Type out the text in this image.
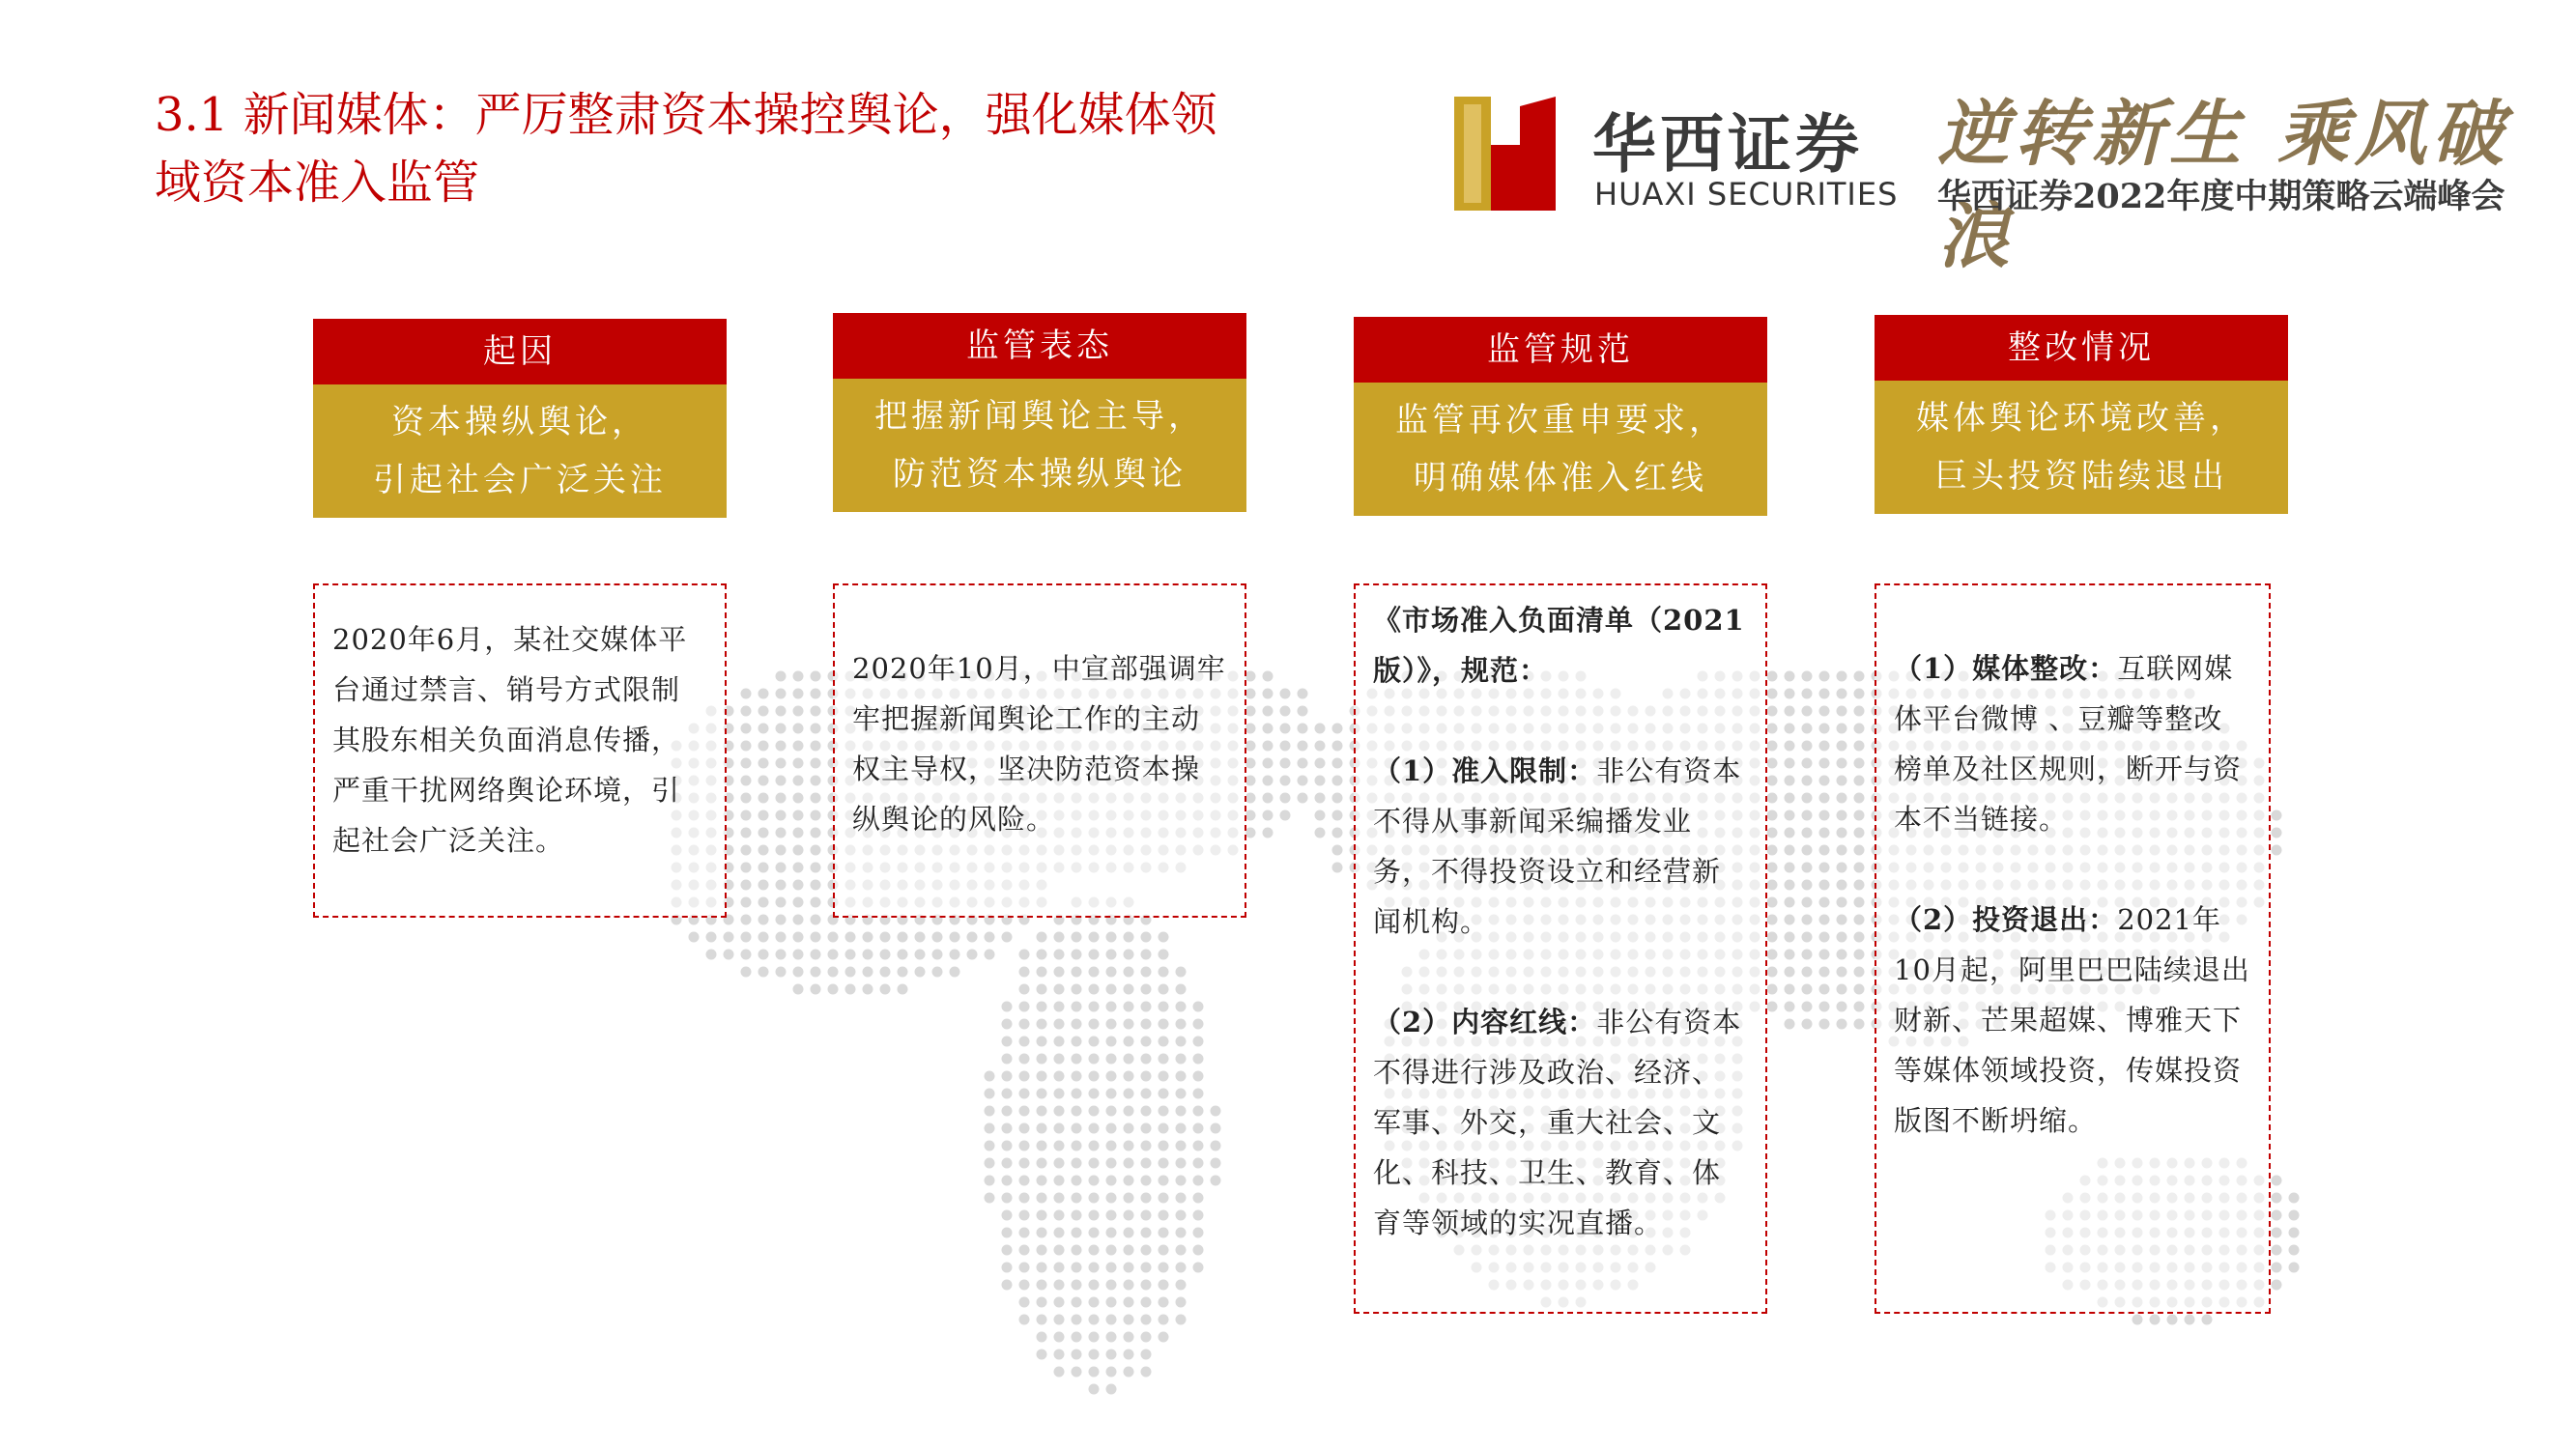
3.1 新闻媒体：严厉整肃资本操控舆论，强化媒体领
域资本准入监管
华西证券
HUAXI SECURITIES
逆转新生 乘风破浪
华西证券2022年度中期策略云端峰会
起因
资本操纵舆论，
引起社会广泛关注

2020年6月，某社交媒体平台通过禁言、销号方式限制其股东相关负面消息传播，严重干扰网络舆论环境，引起社会广泛关注。

监管表态
把握新闻舆论主导，
防范资本操纵舆论

2020年10月，中宣部强调牢牢把握新闻舆论工作的主动权主导权，坚决防范资本操纵舆论的风险。

监管规范
监管再次重申要求，
明确媒体准入红线

《市场准入负面清单（2021版）》，规范：

（1）准入限制：非公有资本不得从事新闻采编播发业务，不得投资设立和经营新闻机构。

（2）内容红线：非公有资本不得进行涉及政治、经济、军事、外交，重大社会、文化、科技、卫生、教育、体育等领域的实况直播。

整改情况
媒体舆论环境改善，
巨头投资陆续退出

（1）媒体整改：互联网媒体平台微博 、豆瓣等整改榜单及社区规则，断开与资本不当链接。

（2）投资退出：2021年10月起，阿里巴巴陆续退出财新、芒果超媒、博雅天下等媒体领域投资，传媒投资版图不断坍缩。
